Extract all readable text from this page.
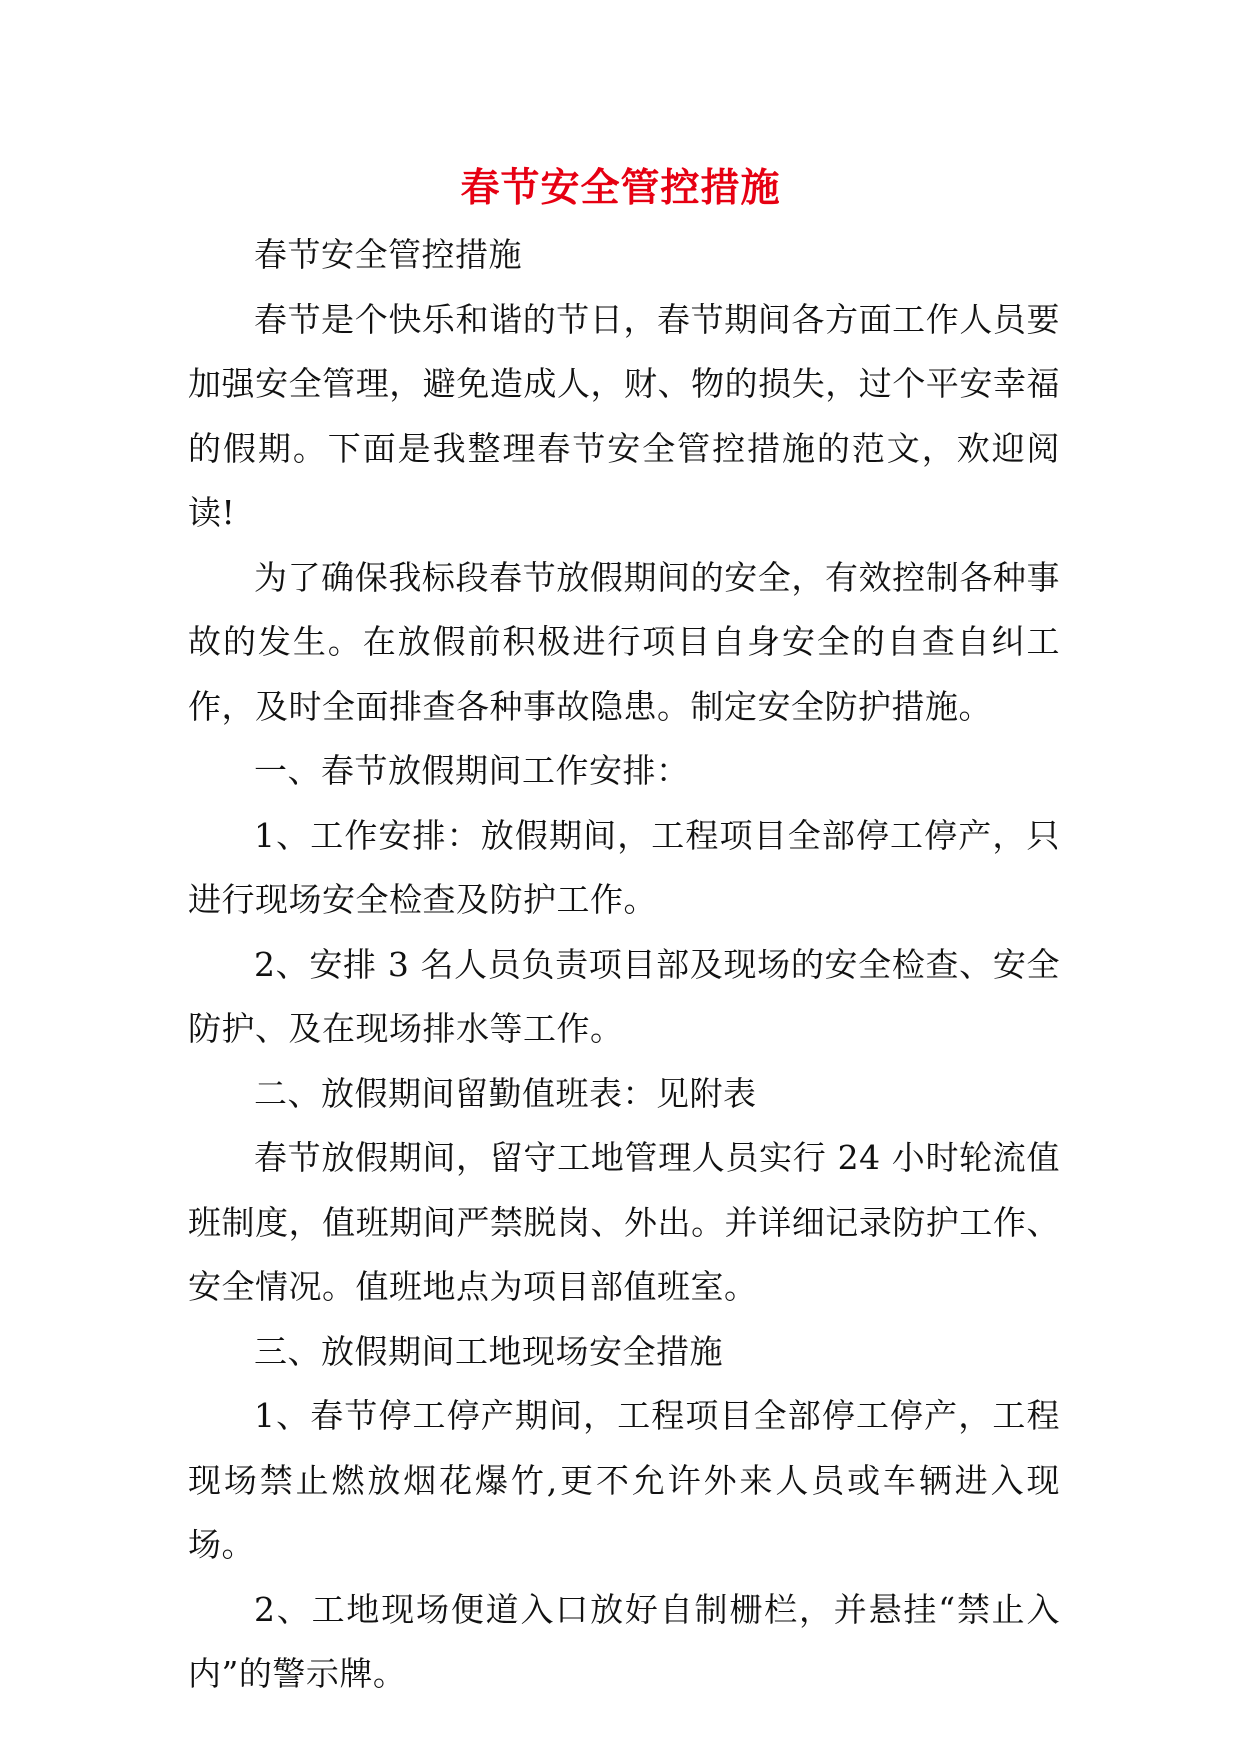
春节安全管控措施

春节安全管控措施

春节是个快乐和谐的节日，春节期间各方面工作人员要加强安全管理，避免造成人，财、物的损失，过个平安幸福的假期。下面是我整理春节安全管控措施的范文，欢迎阅读!

为了确保我标段春节放假期间的安全，有效控制各种事故的发生。在放假前积极进行项目自身安全的自查自纠工作，及时全面排查各种事故隐患。制定安全防护措施。

一、春节放假期间工作安排：

1、工作安排：放假期间，工程项目全部停工停产，只进行现场安全检查及防护工作。

2、安排 3 名人员负责项目部及现场的安全检查、安全防护、及在现场排水等工作。

二、放假期间留勤值班表：见附表

春节放假期间，留守工地管理人员实行 24 小时轮流值班制度，值班期间严禁脱岗、外出。并详细记录防护工作、安全情况。值班地点为项目部值班室。

三、放假期间工地现场安全措施

1、春节停工停产期间，工程项目全部停工停产，工程现场禁止燃放烟花爆竹,更不允许外来人员或车辆进入现场。

2、工地现场便道入口放好自制栅栏，并悬挂“禁止入内”的警示牌。
